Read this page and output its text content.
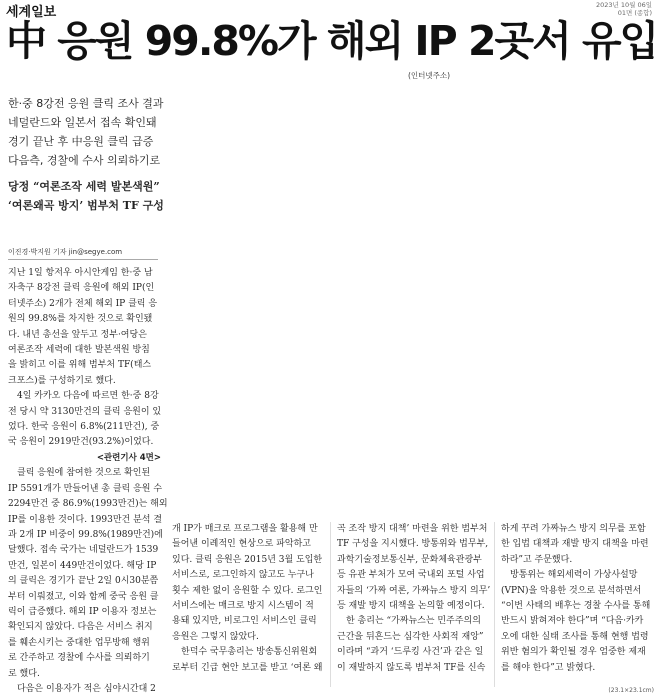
세계일보	2023년 10월 06일
01면 (종합)
中 응원 99.8%가 해외 IP 2곳서 유입
(인터넷주소)
한·중 8강전 응원 클릭 조사 결과
네덜란드와 일본서 접속 확인돼
경기 끝난 후 中응원 클릭 급증
다음측, 경찰에 수사 의뢰하기로
당정 “여론조작 세력 발본색원”
‘여론왜곡 방지’ 범부처 TF 구성
이진경·박지원 기자 jin@segye.com

지난 1일 항저우 아시안게임 한·중 남

자축구 8강전 클릭 응원에 해외 IP(인

터넷주소) 2개가 전체 해외 IP 클릭 응

원의 99.8%를 차지한 것으로 확인됐

다. 내년 총선을 앞두고 정부·여당은

여론조작 세력에 대한 발본색원 방침

을 밝히고 이를 위해 범부처 TF(태스

크포스)를 구성하기로 했다.

　4일 카카오 다음에 따르면 한·중 8강

전 당시 약 3130만건의 클릭 응원이 있

었다. 한국 응원이 6.8%(211만건), 중

국 응원이 2919만건(93.2%)이었다.

<관련기사 4면>

　클릭 응원에 참여한 것으로 확인된

IP 5591개가 만들어낸 총 클릭 응원 수

2294만건 중 86.9%(1993만건)는 해외

IP를 이용한 것이다. 1993만건 분석 결

과 2개 IP 비중이 99.8%(1989만건)에

달했다. 접속 국가는 네덜란드가 1539

만건, 일본이 449만건이었다. 해당 IP

의 클릭은 경기가 끝난 2일 0시30분쯤

부터 이뤄졌고, 이와 함께 중국 응원 클

릭이 급증했다. 해외 IP 이용자 정보는

확인되지 않았다. 다음은 서비스 취지

를 훼손시키는 중대한 업무방해 행위

로 간주하고 경찰에 수사를 의뢰하기

로 했다.

　다음은 이용자가 적은 심야시간대 2

개 IP가 매크로 프로그램을 활용해 만

들어낸 이례적인 현상으로 파악하고

있다. 클릭 응원은 2015년 3월 도입한

서비스로, 로그인하지 않고도 누구나

횟수 제한 없이 응원할 수 있다. 로그인

서비스에는 매크로 방지 시스템이 적

용돼 있지만, 비로그인 서비스인 클릭

응원은 그렇지 않았다.

　한덕수 국무총리는 방송통신위원회

로부터 긴급 현안 보고를 받고 ‘여론 왜

곡 조작 방지 대책’ 마련을 위한 범부처

TF 구성을 지시했다. 방통위와 법무부,

과학기술정보통신부, 문화체육관광부

등 유관 부처가 모여 국내외 포털 사업

자들의 ‘가짜 여론, 가짜뉴스 방지 의무’

등 재발 방지 대책을 논의할 예정이다.

　한 총리는 “가짜뉴스는 민주주의의

근간을 뒤흔드는 심각한 사회적 재앙”

이라며 “과거 ‘드루킹 사건’과 같은 일

이 재발하지 않도록 범부처 TF를 신속

하게 꾸려 가짜뉴스 방지 의무를 포함

한 입법 대책과 재발 방지 대책을 마련

하라”고 주문했다.

　방통위는 해외세력이 가상사설망

(VPN)을 악용한 것으로 분석하면서

“이번 사태의 배후는 경찰 수사를 통해

반드시 밝혀져야 한다”며 “다음·카카

오에 대한 실태 조사를 통해 현행 법령

위반 혐의가 확인될 경우 엄중한 제재

를 해야 한다”고 밝혔다.

(23.1×23.1cm)
